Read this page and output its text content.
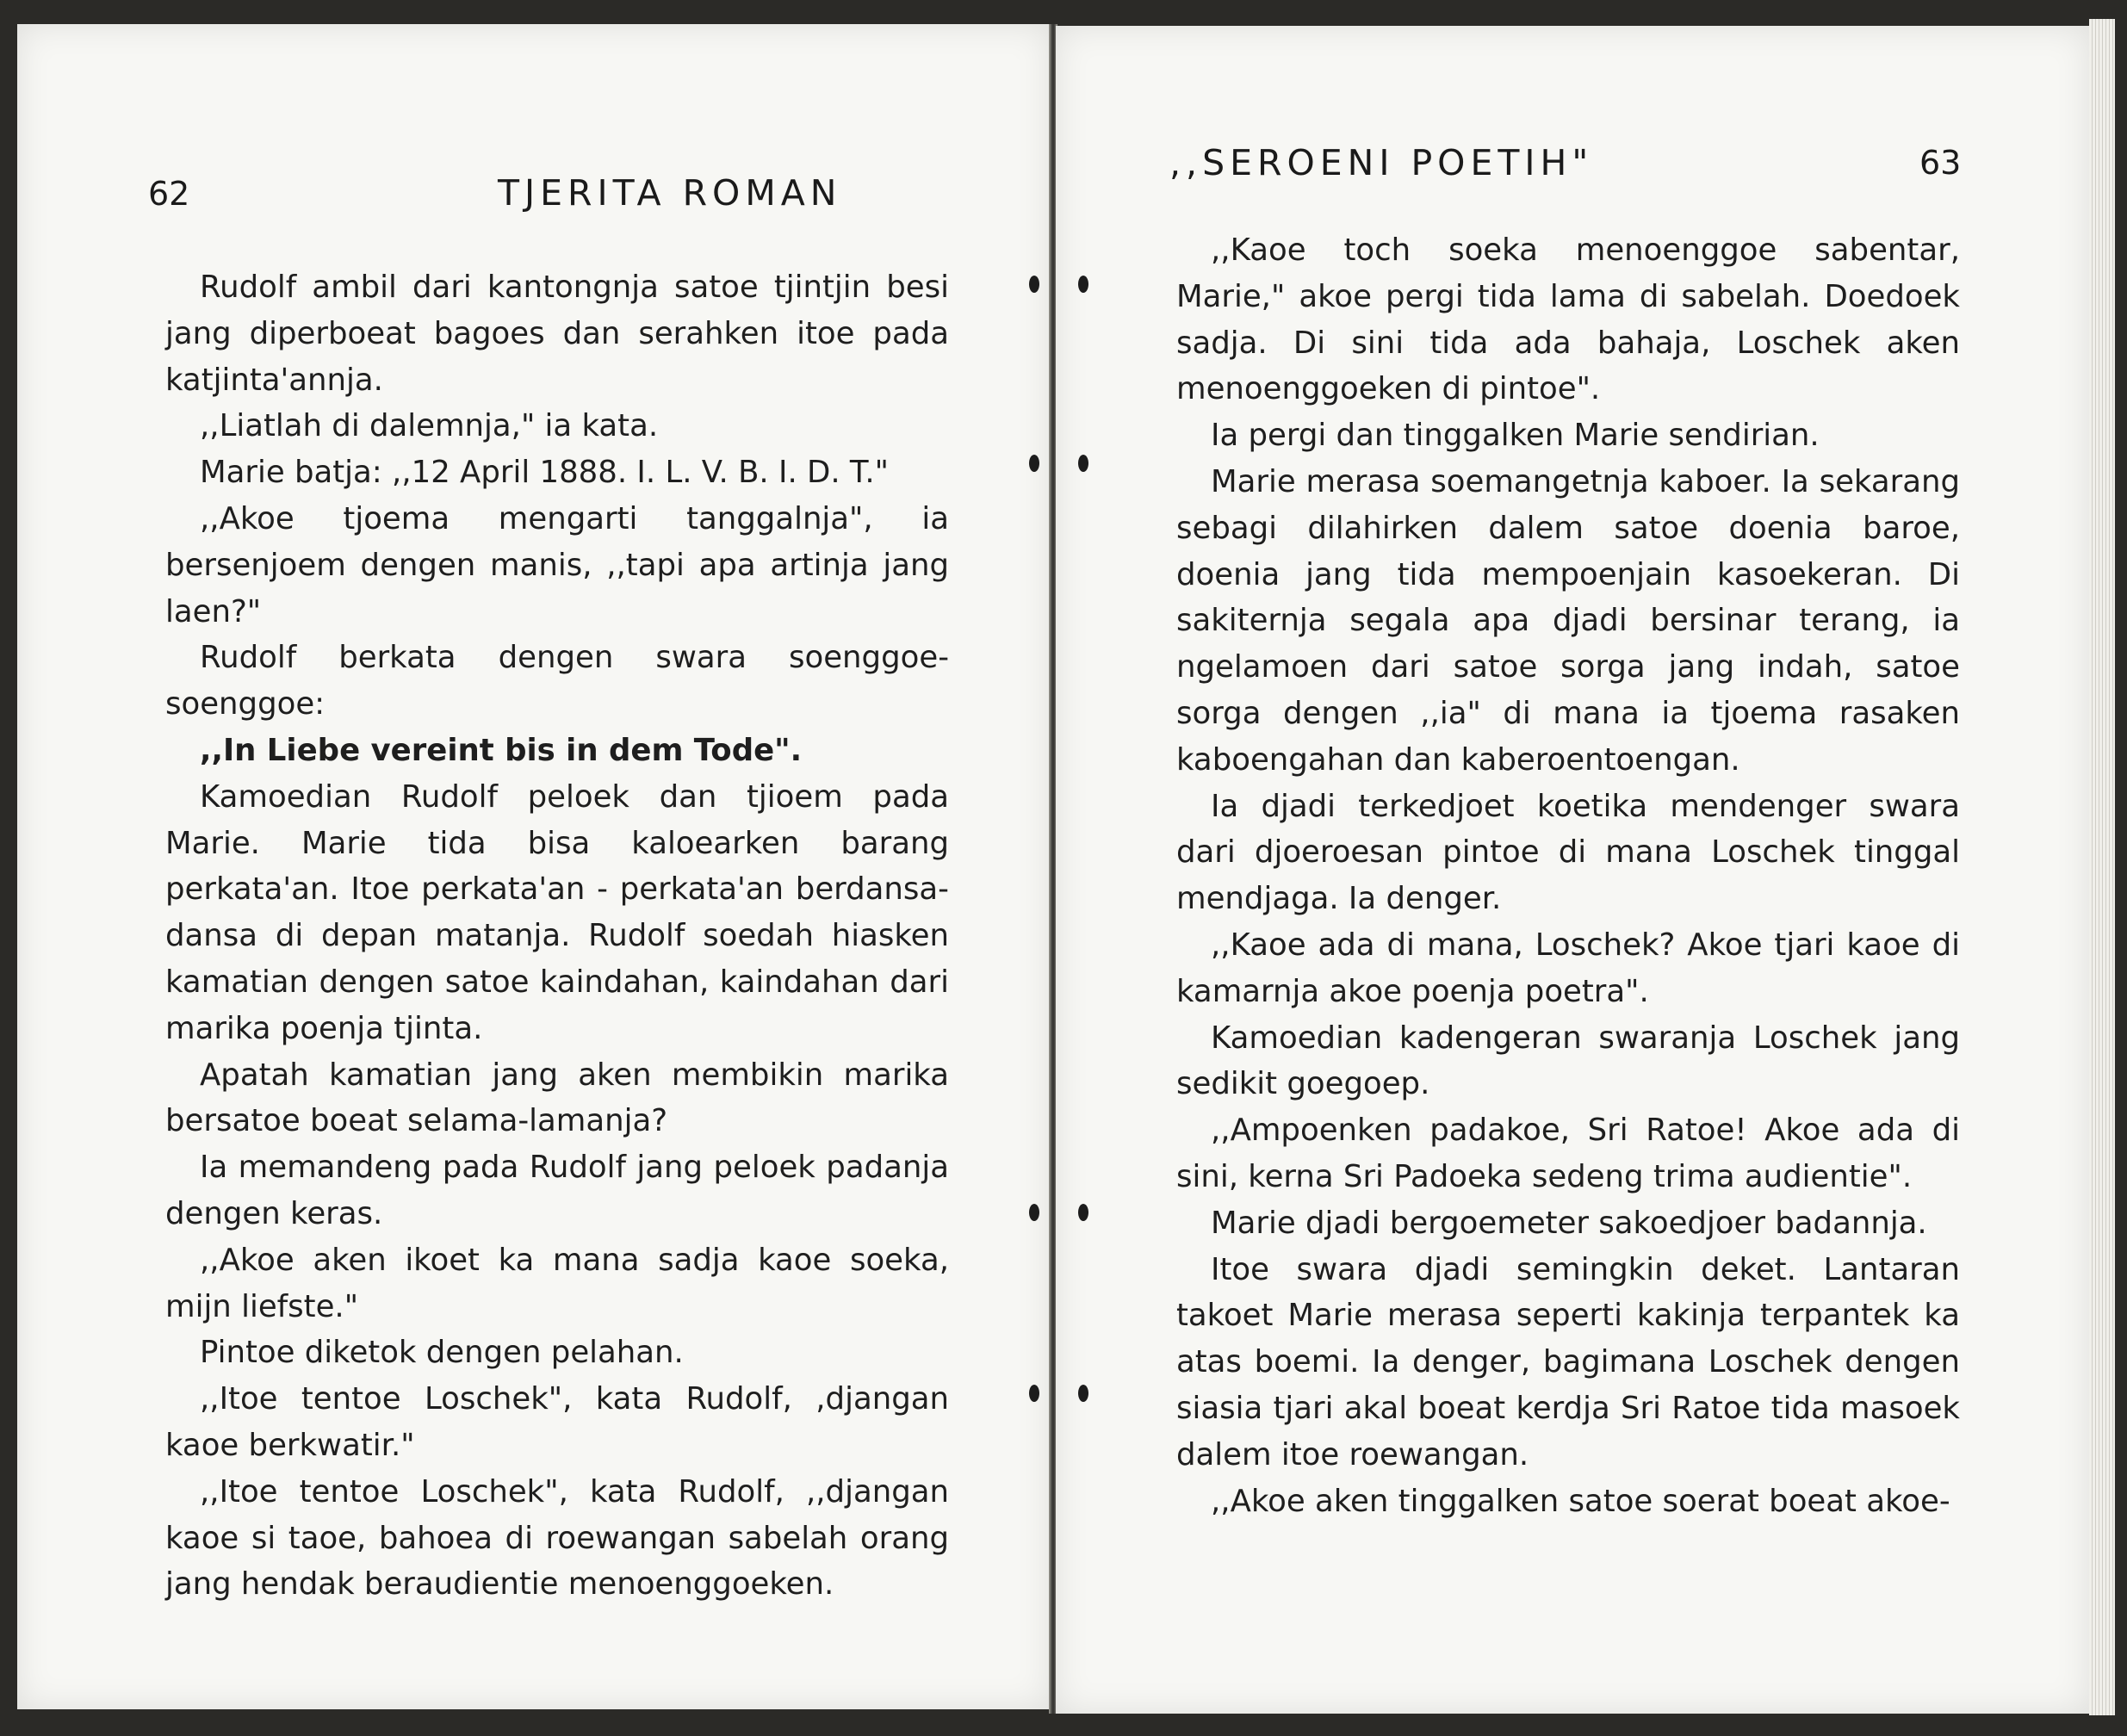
62	TJERITA ROMAN

Rudolf ambil dari kantongnja satoe tjintjin besi jang diperboeat bagoes dan serahken itoe pada katjinta'annja.

,,Liatlah di dalemnja," ia kata.

Marie batja: ,,12 April 1888. I. L. V. B. I. D. T."

,,Akoe tjoema mengarti tanggalnja", ia bersenjoem dengen manis, ,,tapi apa artinja jang laen?"

Rudolf berkata dengen swara soenggoe-soenggoe:

,,In Liebe vereint bis in dem Tode".

Kamoedian Rudolf peloek dan tjioem pada Marie. Marie tida bisa kaloearken barang perkata'an. Itoe perkata'an - perkata'an berdansa-dansa di depan matanja. Rudolf soedah hiasken kamatian dengen satoe kaindahan, kaindahan dari marika poenja tjinta.

Apatah kamatian jang aken membikin marika bersatoe boeat selama-lamanja?

Ia memandeng pada Rudolf jang peloek padanja dengen keras.

,,Akoe aken ikoet ka mana sadja kaoe soeka, mijn liefste."

Pintoe diketok dengen pelahan.

,,Itoe tentoe Loschek", kata Rudolf, ,djangan kaoe berkwatir."

,,Itoe tentoe Loschek", kata Rudolf, ,,djangan kaoe si taoe, bahoea di roewangan sabelah orang jang hendak beraudientie menoenggoeken.

,,SEROENI POETIH"	63

,,Kaoe toch soeka menoenggoe sabentar, Marie," akoe pergi tida lama di sabelah. Doedoek sadja. Di sini tida ada bahaja, Loschek aken menoenggoeken di pintoe".

Ia pergi dan tinggalken Marie sendirian.

Marie merasa soemangetnja kaboer. Ia sekarang sebagi dilahirken dalem satoe doenia baroe, doenia jang tida mempoenjain kasoekeran. Di sakiternja segala apa djadi bersinar terang, ia ngelamoen dari satoe sorga jang indah, satoe sorga dengen ,,ia" di mana ia tjoema rasaken kaboengahan dan kaberoentoengan.

Ia djadi terkedjoet koetika mendenger swara dari djoeroesan pintoe di mana Loschek tinggal mendjaga. Ia denger.

,,Kaoe ada di mana, Loschek? Akoe tjari kaoe di kamarnja akoe poenja poetra".

Kamoedian kadengeran swaranja Loschek jang sedikit goegoep.

,,Ampoenken padakoe, Sri Ratoe! Akoe ada di sini, kerna Sri Padoeka sedeng trima audientie".

Marie djadi bergoemeter sakoedjoer badannja.

Itoe swara djadi semingkin deket. Lantaran takoet Marie merasa seperti kakinja terpantek ka atas boemi. Ia denger, bagimana Loschek dengen siasia tjari akal boeat kerdja Sri Ratoe tida masoek dalem itoe roewangan.

,,Akoe aken tinggalken satoe soerat boeat akoe-
